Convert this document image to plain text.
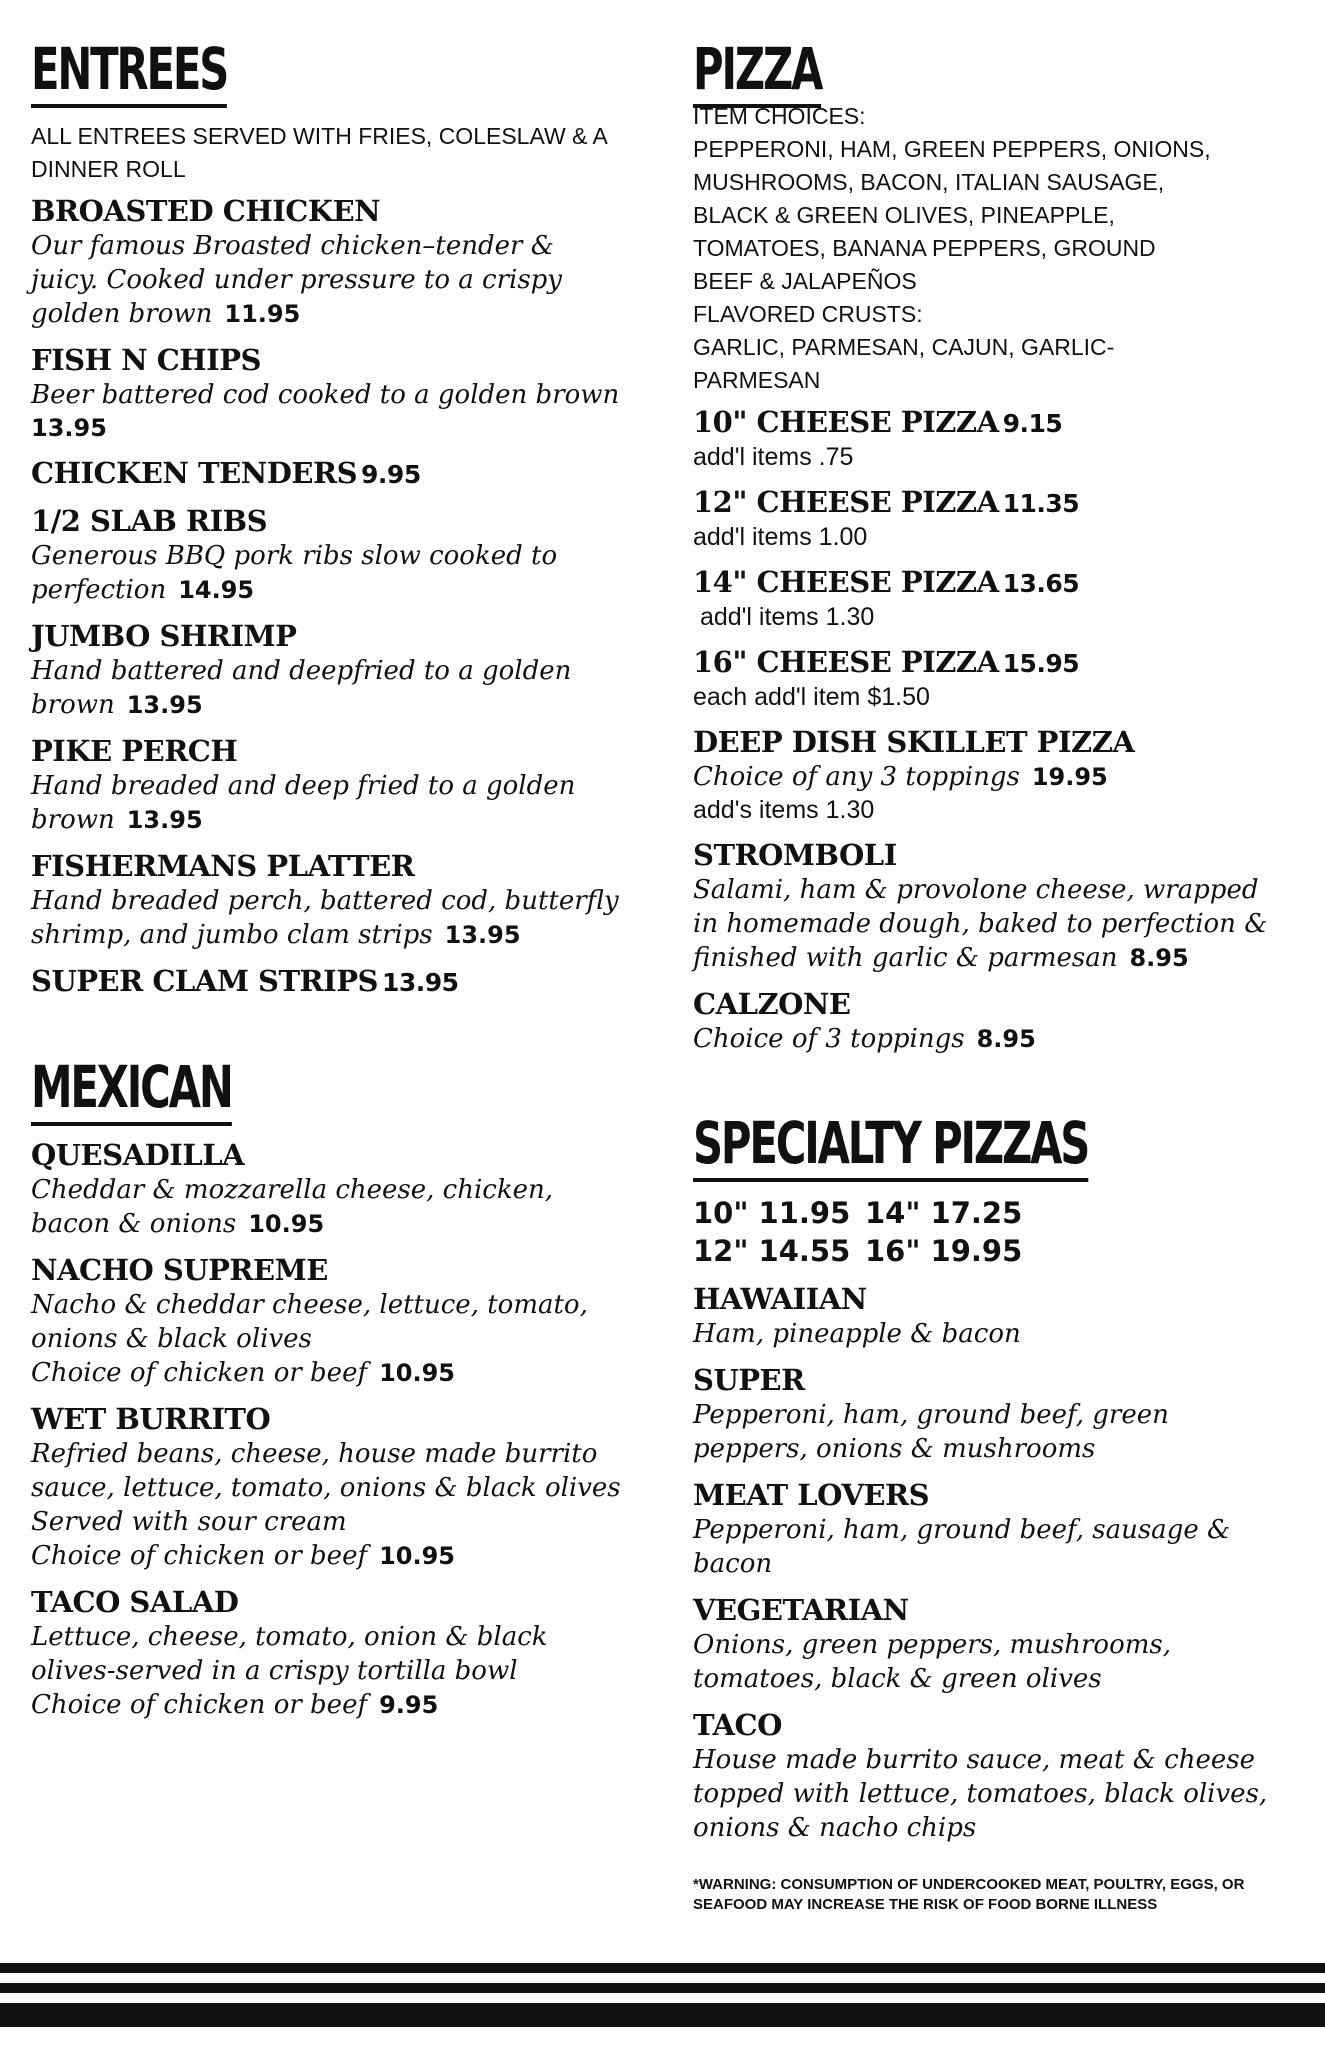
ENTREES
ALL ENTREES SERVED WITH FRIES, COLESLAW & A
DINNER ROLL
BROASTED CHICKEN
Our famous Broasted chicken–tender &
juicy. Cooked under pressure to a crispy
golden brown 11.95
FISH N CHIPS
Beer battered cod cooked to a golden brown
13.95
CHICKEN TENDERS 9.95
1/2 SLAB RIBS
Generous BBQ pork ribs slow cooked to
perfection 14.95
JUMBO SHRIMP
Hand battered and deepfried to a golden
brown 13.95
PIKE PERCH
Hand breaded and deep fried to a golden
brown 13.95
FISHERMANS PLATTER
Hand breaded perch, battered cod, butterfly
shrimp, and jumbo clam strips 13.95
SUPER CLAM STRIPS 13.95
MEXICAN
QUESADILLA
Cheddar & mozzarella cheese, chicken,
bacon & onions 10.95
NACHO SUPREME
Nacho & cheddar cheese, lettuce, tomato,
onions & black olives
Choice of chicken or beef 10.95
WET BURRITO
Refried beans, cheese, house made burrito
sauce, lettuce, tomato, onions & black olives
Served with sour cream
Choice of chicken or beef 10.95
TACO SALAD
Lettuce, cheese, tomato, onion & black
olives-served in a crispy tortilla bowl
Choice of chicken or beef 9.95
PIZZA
ITEM CHOICES:
PEPPERONI, HAM, GREEN PEPPERS, ONIONS,
MUSHROOMS, BACON, ITALIAN SAUSAGE,
BLACK & GREEN OLIVES, PINEAPPLE,
TOMATOES, BANANA PEPPERS, GROUND
BEEF & JALAPEÑOS
FLAVORED CRUSTS:
GARLIC, PARMESAN, CAJUN, GARLIC-
PARMESAN
10" CHEESE PIZZA 9.15
add'l items .75
12" CHEESE PIZZA 11.35
add'l items 1.00
14" CHEESE PIZZA 13.65
add'l items 1.30
16" CHEESE PIZZA 15.95
each add'l item $1.50
DEEP DISH SKILLET PIZZA
Choice of any 3 toppings 19.95
add's items 1.30
STROMBOLI
Salami, ham & provolone cheese, wrapped
in homemade dough, baked to perfection &
finished with garlic & parmesan 8.95
CALZONE
Choice of 3 toppings 8.95
SPECIALTY PIZZAS
10" 11.95 14" 17.25
12" 14.55 16" 19.95
HAWAIIAN
Ham, pineapple & bacon
SUPER
Pepperoni, ham, ground beef, green
peppers, onions & mushrooms
MEAT LOVERS
Pepperoni, ham, ground beef, sausage &
bacon
VEGETARIAN
Onions, green peppers, mushrooms,
tomatoes, black & green olives
TACO
House made burrito sauce, meat & cheese
topped with lettuce, tomatoes, black olives,
onions & nacho chips
*WARNING: CONSUMPTION OF UNDERCOOKED MEAT, POULTRY, EGGS, OR
SEAFOOD MAY INCREASE THE RISK OF FOOD BORNE ILLNESS
